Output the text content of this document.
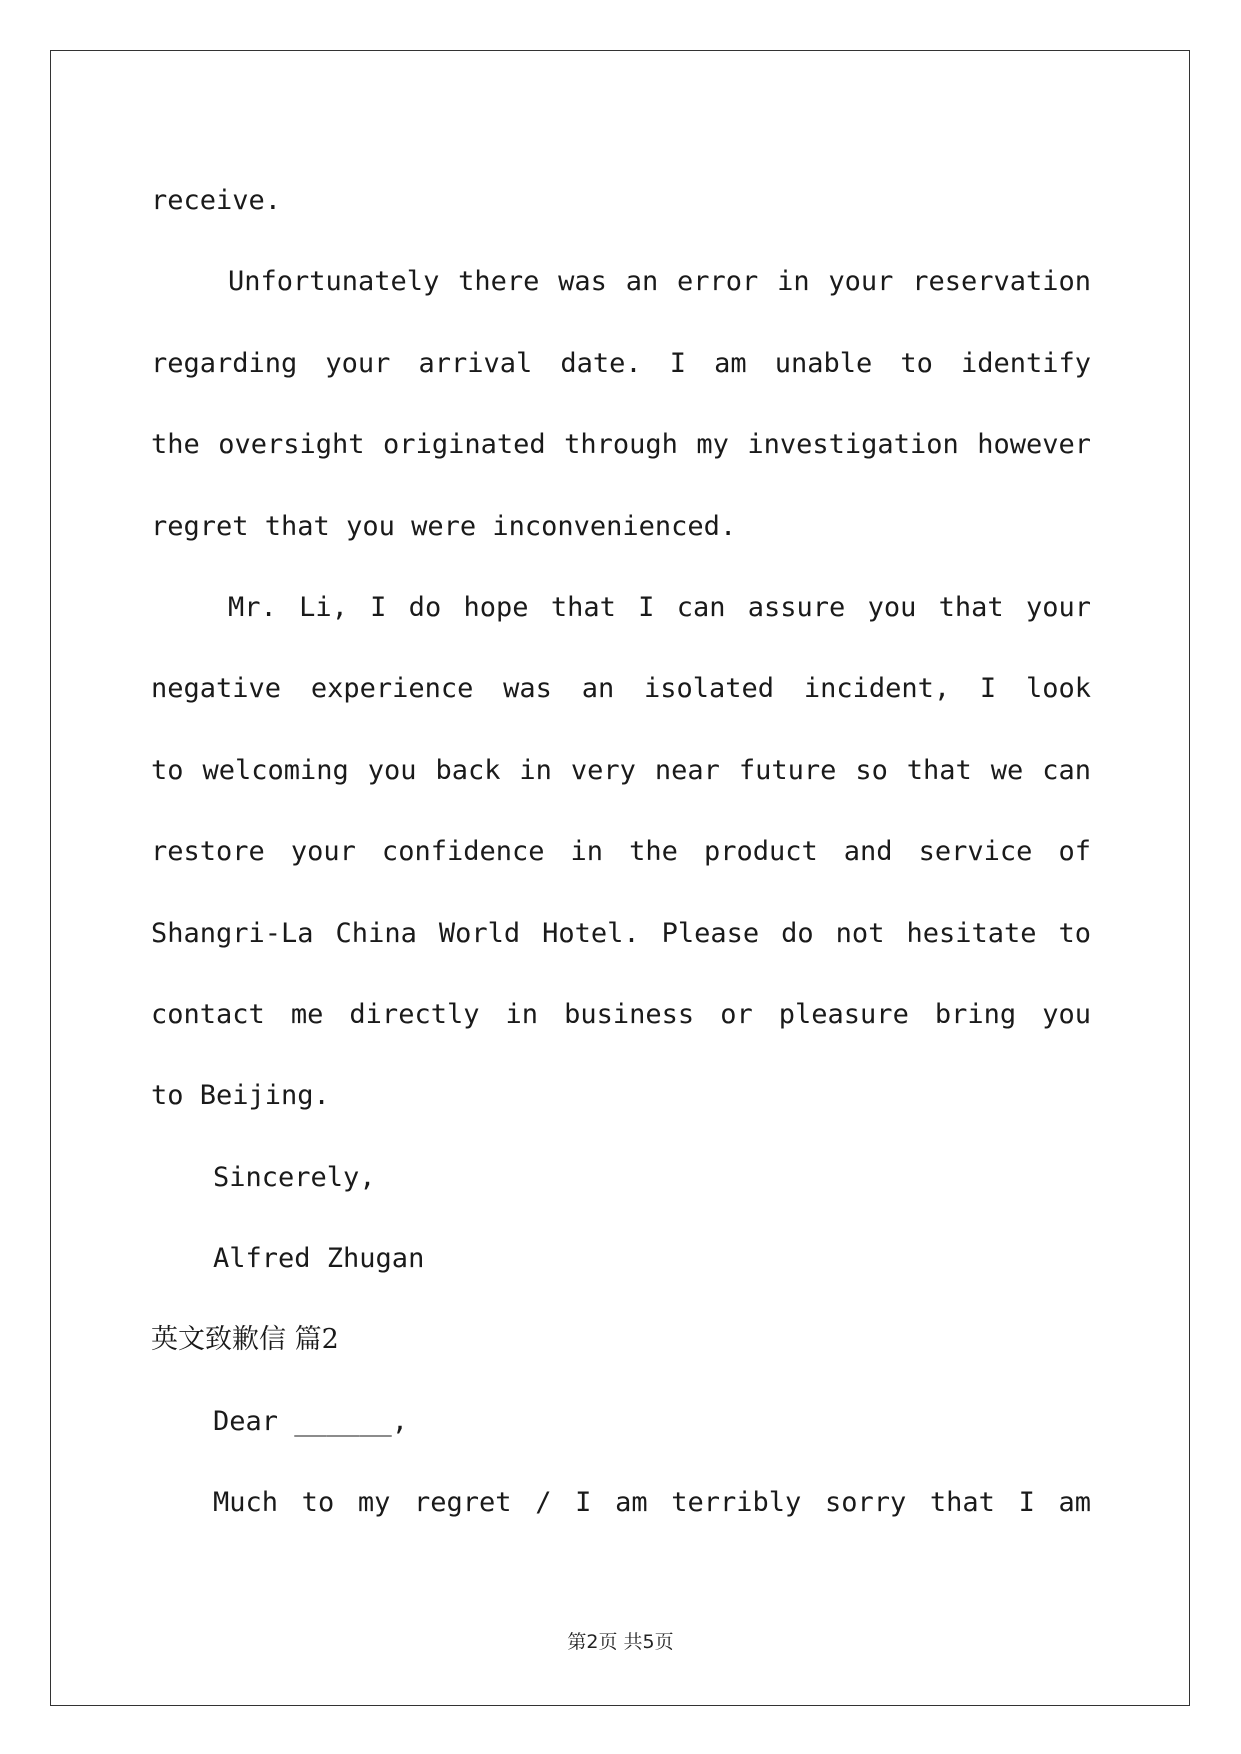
receive.
Unfortunately there was an error in your reservation
regarding your arrival date. I am unable to identify
the oversight originated through my investigation however
regret that you were inconvenienced.
Mr. Li, I do hope that I can assure you that your
negative experience was an isolated incident, I look
to welcoming you back in very near future so that we can
restore your confidence in the product and service of
Shangri-La China World Hotel. Please do not hesitate to
contact me directly in business or pleasure bring you
to Beijing.
Sincerely,
Alfred Zhugan
英文致歉信 篇2
Dear ______,
Much to my regret / I am terribly sorry that I am
第2页 共5页
